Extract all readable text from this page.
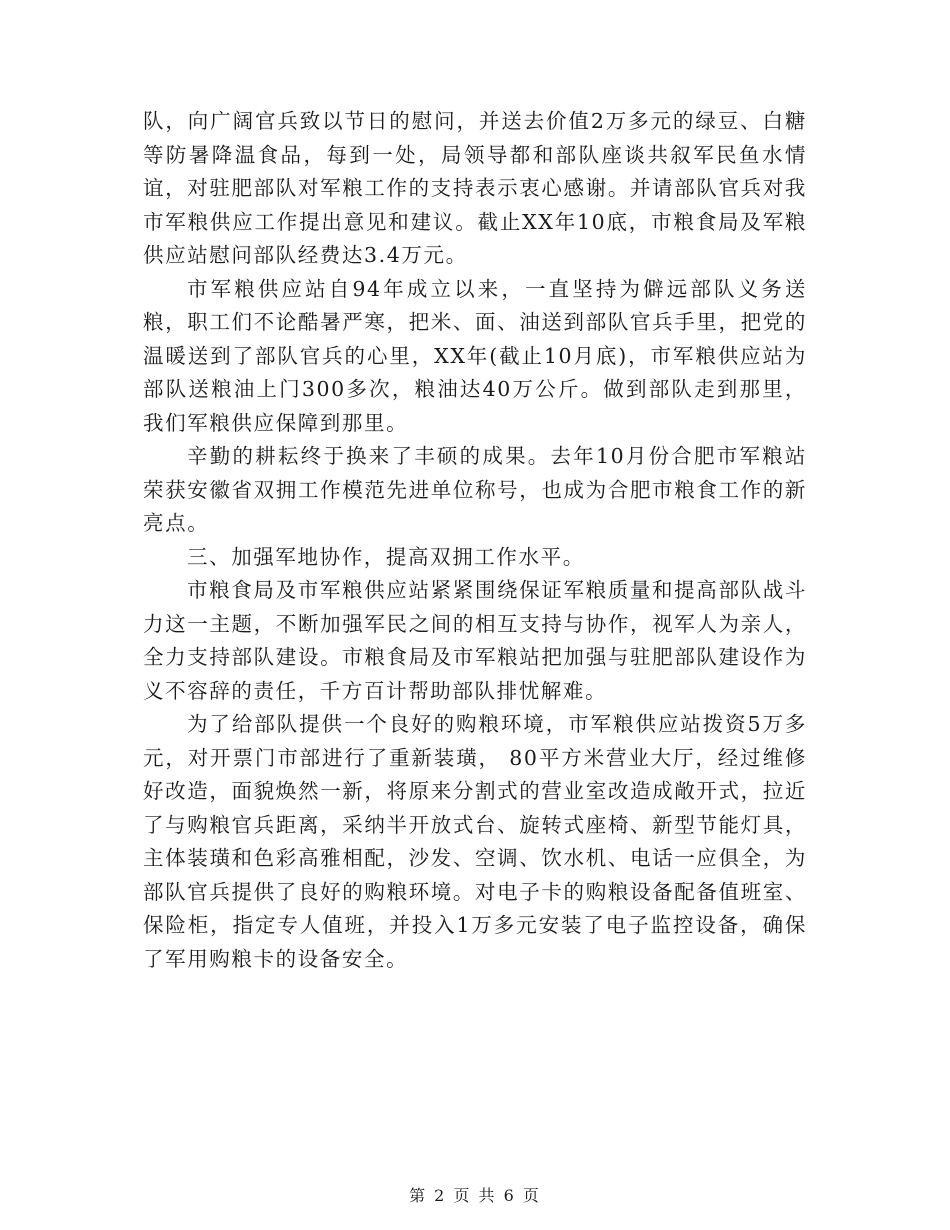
队，向广阔官兵致以节日的慰问，并送去价值2万多元的绿豆、白糖等防暑降温食品，每到一处，局领导都和部队座谈共叙军民鱼水情谊，对驻肥部队对军粮工作的支持表示衷心感谢。并请部队官兵对我市军粮供应工作提出意见和建议。截止XX年10底，市粮食局及军粮供应站慰问部队经费达3.4万元。

市军粮供应站自94年成立以来，一直坚持为僻远部队义务送粮，职工们不论酷暑严寒，把米、面、油送到部队官兵手里，把党的温暖送到了部队官兵的心里，XX年(截止10月底)，市军粮供应站为部队送粮油上门300多次，粮油达40万公斤。做到部队走到那里，我们军粮供应保障到那里。

辛勤的耕耘终于换来了丰硕的成果。去年10月份合肥市军粮站荣获安徽省双拥工作模范先进单位称号，也成为合肥市粮食工作的新亮点。

三、加强军地协作，提高双拥工作水平。

市粮食局及市军粮供应站紧紧围绕保证军粮质量和提高部队战斗力这一主题，不断加强军民之间的相互支持与协作，视军人为亲人，全力支持部队建设。市粮食局及市军粮站把加强与驻肥部队建设作为义不容辞的责任，千方百计帮助部队排忧解难。

为了给部队提供一个良好的购粮环境，市军粮供应站拨资5万多元，对开票门市部进行了重新装璜， 80平方米营业大厅，经过维修好改造，面貌焕然一新，将原来分割式的营业室改造成敞开式，拉近了与购粮官兵距离，采纳半开放式台、旋转式座椅、新型节能灯具，主体装璜和色彩高雅相配，沙发、空调、饮水机、电话一应俱全，为部队官兵提供了良好的购粮环境。对电子卡的购粮设备配备值班室、保险柜，指定专人值班，并投入1万多元安装了电子监控设备，确保了军用购粮卡的设备安全。

第 2 页 共 6 页
